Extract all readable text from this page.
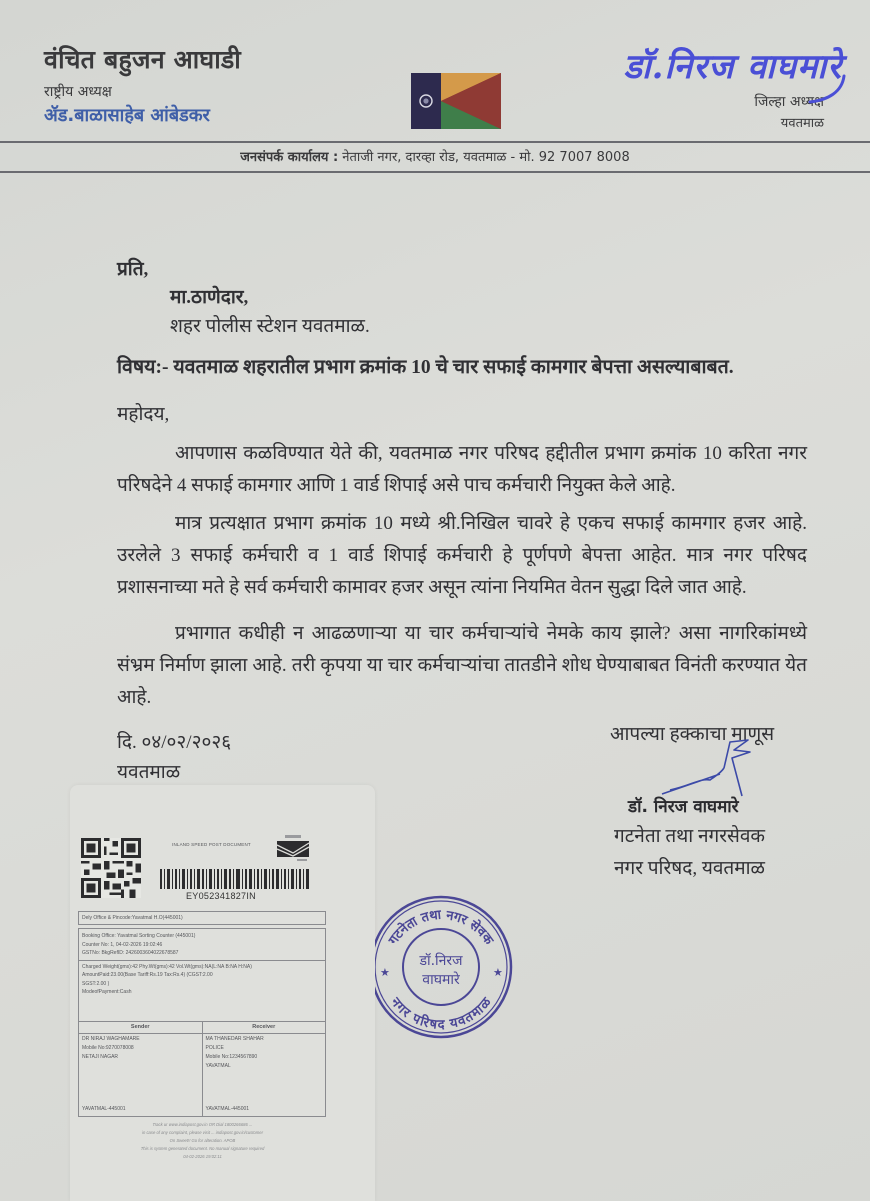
वंचित बहुजन आघाडी
राष्ट्रीय अध्यक्ष
ॲड.बाळासाहेब आंबेडकर
डॉ.निरज वाघमारे
जिल्हा अध्यक्ष
यवतमाळ
जनसंपर्क कार्यालय : नेताजी नगर, दारव्हा रोड, यवतमाळ - मो. 92 7007 8008
प्रति,
मा.ठाणेदार,
शहर पोलीस स्टेशन यवतमाळ.
विषय:- यवतमाळ शहरातील प्रभाग क्रमांक 10 चे चार सफाई कामगार बेपत्ता असल्याबाबत.
महोदय,

आपणास कळविण्यात येते की, यवतमाळ नगर परिषद हद्दीतील प्रभाग क्रमांक 10 करिता नगर परिषदेने 4 सफाई कामगार आणि 1 वार्ड शिपाई असे पाच कर्मचारी नियुक्त केले आहे.

मात्र प्रत्यक्षात प्रभाग क्रमांक 10 मध्ये श्री.निखिल चावरे हे एकच सफाई कामगार हजर आहे. उरलेले 3 सफाई कर्मचारी व 1 वार्ड शिपाई कर्मचारी हे पूर्णपणे बेपत्ता आहेत. मात्र नगर परिषद प्रशासनाच्या मते हे सर्व कर्मचारी कामावर हजर असून त्यांना नियमित वेतन सुद्धा दिले जात आहे.

प्रभागात कधीही न आढळणाऱ्या या चार कर्मचाऱ्यांचे नेमके काय झाले? असा नागरिकांमध्ये संभ्रम निर्माण झाला आहे. तरी कृपया या चार कर्मचाऱ्यांचा तातडीने शोध घेण्याबाबत विनंती करण्यात येत आहे.

दि. ०४/०२/२०२६
यवतमाळ
आपल्या हक्काचा माणूस
डॉ. निरज वाघमारे
गटनेता तथा नगरसेवक
नगर परिषद, यवतमाळ
गटनेता तथा नगर सेवक
नगर परिषद यवतमाळ
★	★
डॉ.निरज
वाघमारे
INLAND SPEED POST DOCUMENT
EY052341827IN
Dely Office & Pincode:Yavatmal H.O(445001)
Booking Office: Yavatmal Sorting Counter (445001)
Counter No: 1, 04-02-2026 19:02:46
GSTNo: BkgRefID: 24260036040226​78587
Charged Weight(gms):42 Phy.Wt(gms):42 Vol.Wt(gms):NA(L:NA B:NA H:NA)
AmountPaid:23.00(Base Tariff:Rs.19 Tax:Rs.4) (CGST:2.00
SGST:2.00 )
ModeofPayment:Cash
Sender
DR NIRAJ WAGHAMARE
Mobile No:9270078008
NETAJI NAGAR
YAVATMAL-445001
Receiver
MA THANEDAR SHAHAR
POLICE
Mobile No:1234567890
YAVATMAL
YAVATMAL-445001
Track ur www.indiapost.gov.in OR Dial 1800266686 ...
in case of any complaint, please visit ... indiapost.gov.in/customer
On Sweet!! Go for alteration. APOB
This is system generated document. No manual signature required
04-02-2026 19:02:11
